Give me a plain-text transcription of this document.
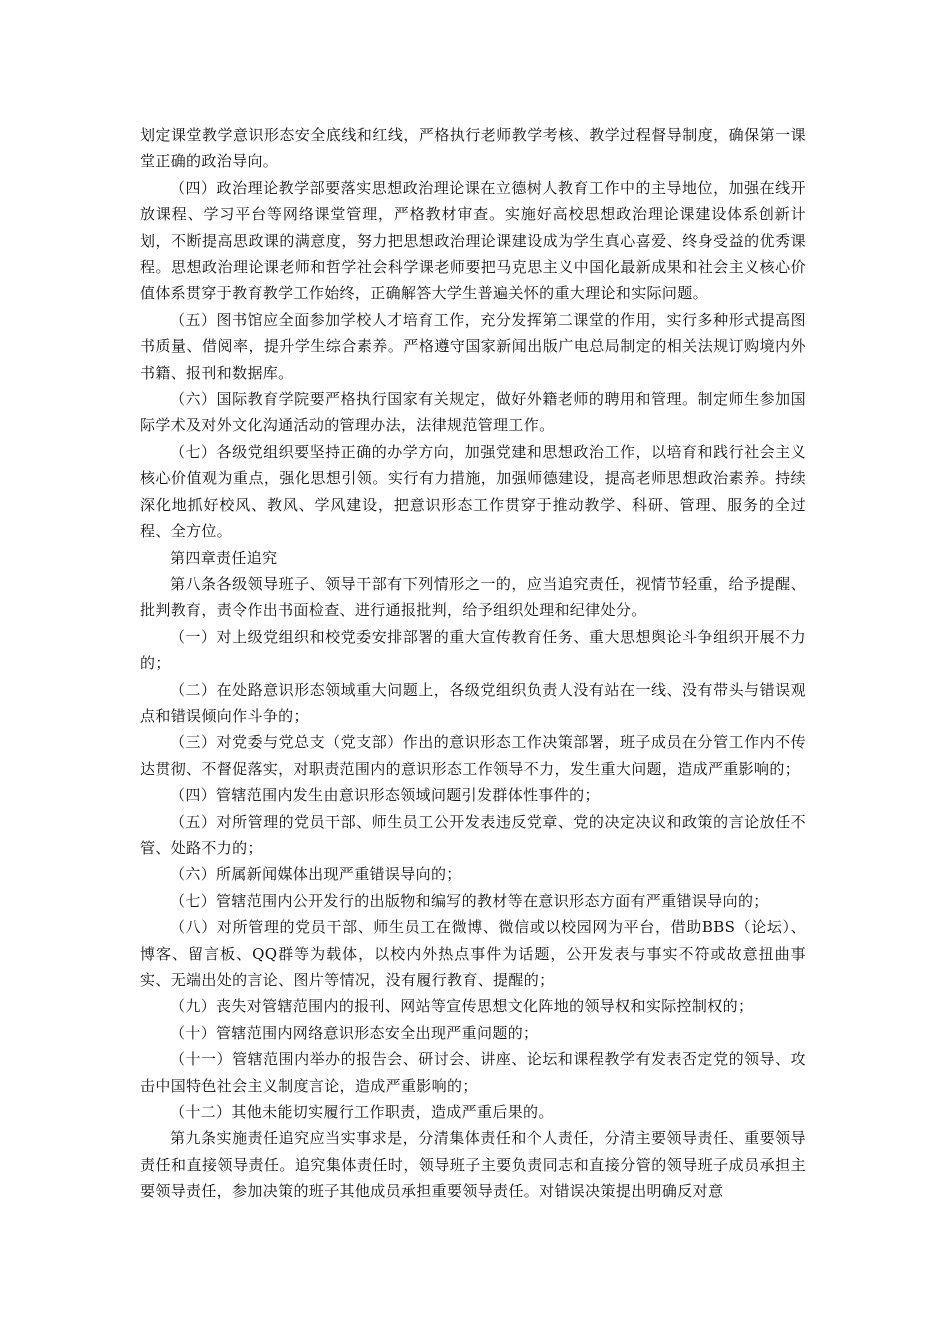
划定课堂教学意识形态安全底线和红线，严格执行老师教学考核、教学过程督导制度，确保第一课堂正确的政治导向。

（四）政治理论教学部要落实思想政治理论课在立德树人教育工作中的主导地位，加强在线开放课程、学习平台等网络课堂管理，严格教材审查。实施好高校思想政治理论课建设体系创新计划，不断提高思政课的满意度，努力把思想政治理论课建设成为学生真心喜爱、终身受益的优秀课程。思想政治理论课老师和哲学社会科学课老师要把马克思主义中国化最新成果和社会主义核心价值体系贯穿于教育教学工作始终，正确解答大学生普遍关怀的重大理论和实际问题。

（五）图书馆应全面参加学校人才培育工作，充分发挥第二课堂的作用，实行多种形式提高图书质量、借阅率，提升学生综合素养。严格遵守国家新闻出版广电总局制定的相关法规订购境内外书籍、报刊和数据库。

（六）国际教育学院要严格执行国家有关规定，做好外籍老师的聘用和管理。制定师生参加国际学术及对外文化沟通活动的管理办法，法律规范管理工作。

（七）各级党组织要坚持正确的办学方向，加强党建和思想政治工作，以培育和践行社会主义核心价值观为重点，强化思想引领。实行有力措施，加强师德建设，提高老师思想政治素养。持续深化地抓好校风、教风、学风建设，把意识形态工作贯穿于推动教学、科研、管理、服务的全过程、全方位。

第四章责任追究

第八条各级领导班子、领导干部有下列情形之一的，应当追究责任，视情节轻重，给予提醒、批判教育，责令作出书面检查、进行通报批判，给予组织处理和纪律处分。

（一）对上级党组织和校党委安排部署的重大宣传教育任务、重大思想舆论斗争组织开展不力的；

（二）在处路意识形态领域重大问题上，各级党组织负责人没有站在一线、没有带头与错误观点和错误倾向作斗争的；

（三）对党委与党总支（党支部）作出的意识形态工作决策部署，班子成员在分管工作内不传达贯彻、不督促落实，对职责范围内的意识形态工作领导不力，发生重大问题，造成严重影响的；

（四）管辖范围内发生由意识形态领域问题引发群体性事件的；

（五）对所管理的党员干部、师生员工公开发表违反党章、党的决定决议和政策的言论放任不管、处路不力的；

（六）所属新闻媒体出现严重错误导向的；

（七）管辖范围内公开发行的出版物和编写的教材等在意识形态方面有严重错误导向的；

（八）对所管理的党员干部、师生员工在微博、微信或以校园网为平台，借助BBS（论坛）、博客、留言板、QQ群等为载体，以校内外热点事件为话题，公开发表与事实不符或故意扭曲事实、无端出处的言论、图片等情况，没有履行教育、提醒的；

（九）丧失对管辖范围内的报刊、网站等宣传思想文化阵地的领导权和实际控制权的；

（十）管辖范围内网络意识形态安全出现严重问题的；

（十一）管辖范围内举办的报告会、研讨会、讲座、论坛和课程教学有发表否定党的领导、攻击中国特色社会主义制度言论，造成严重影响的；

（十二）其他未能切实履行工作职责，造成严重后果的。

第九条实施责任追究应当实事求是，分清集体责任和个人责任，分清主要领导责任、重要领导责任和直接领导责任。追究集体责任时，领导班子主要负责同志和直接分管的领导班子成员承担主要领导责任，参加决策的班子其他成员承担重要领导责任。对错误决策提出明确反对意
